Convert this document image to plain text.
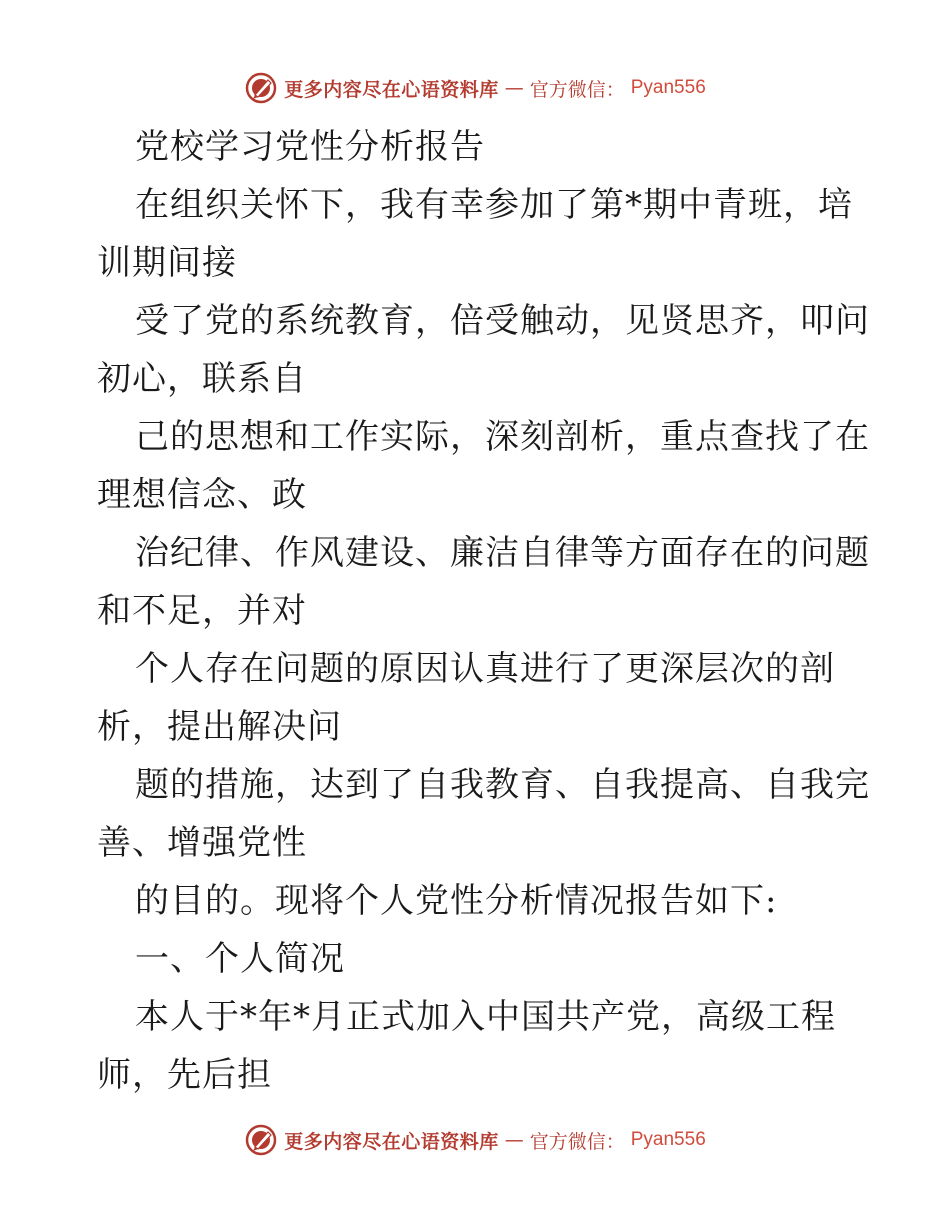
更多内容尽在心语资料库 — 官方微信： Pyan556
党校学习党性分析报告
在组织关怀下，我有幸参加了第*期中青班，培
训期间接
受了党的系统教育，倍受触动，见贤思齐，叩问
初心，联系自
己的思想和工作实际，深刻剖析，重点查找了在
理想信念、政
治纪律、作风建设、廉洁自律等方面存在的问题
和不足，并对
个人存在问题的原因认真进行了更深层次的剖
析，提出解决问
题的措施，达到了自我教育、自我提高、自我完
善、增强党性
的目的。现将个人党性分析情况报告如下:
一、个人简况
本人于*年*月正式加入中国共产党，高级工程
师，先后担
更多内容尽在心语资料库 — 官方微信： Pyan556
